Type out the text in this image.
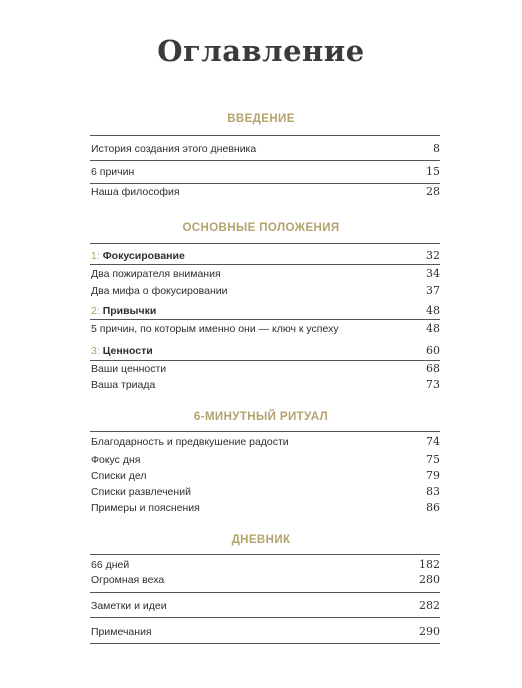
Оглавление
ВВЕДЕНИЕ
История создания этого дневника	8
6 причин	15
Наша философия	28
ОСНОВНЫЕ ПОЛОЖЕНИЯ
1: Фокусирование	32
Два пожирателя внимания	34
Два мифа о фокусировании	37
2: Привычки	48
5 причин, по которым именно они — ключ к успеху	48
3: Ценности	60
Ваши ценности	68
Ваша триада	73
6-МИНУТНЫЙ РИТУАЛ
Благодарность и предвкушение радости	74
Фокус дня	75
Списки дел	79
Списки развлечений	83
Примеры и пояснения	86
ДНЕВНИК
66 дней	182
Огромная веха	280
Заметки и идеи	282
Примечания	290
